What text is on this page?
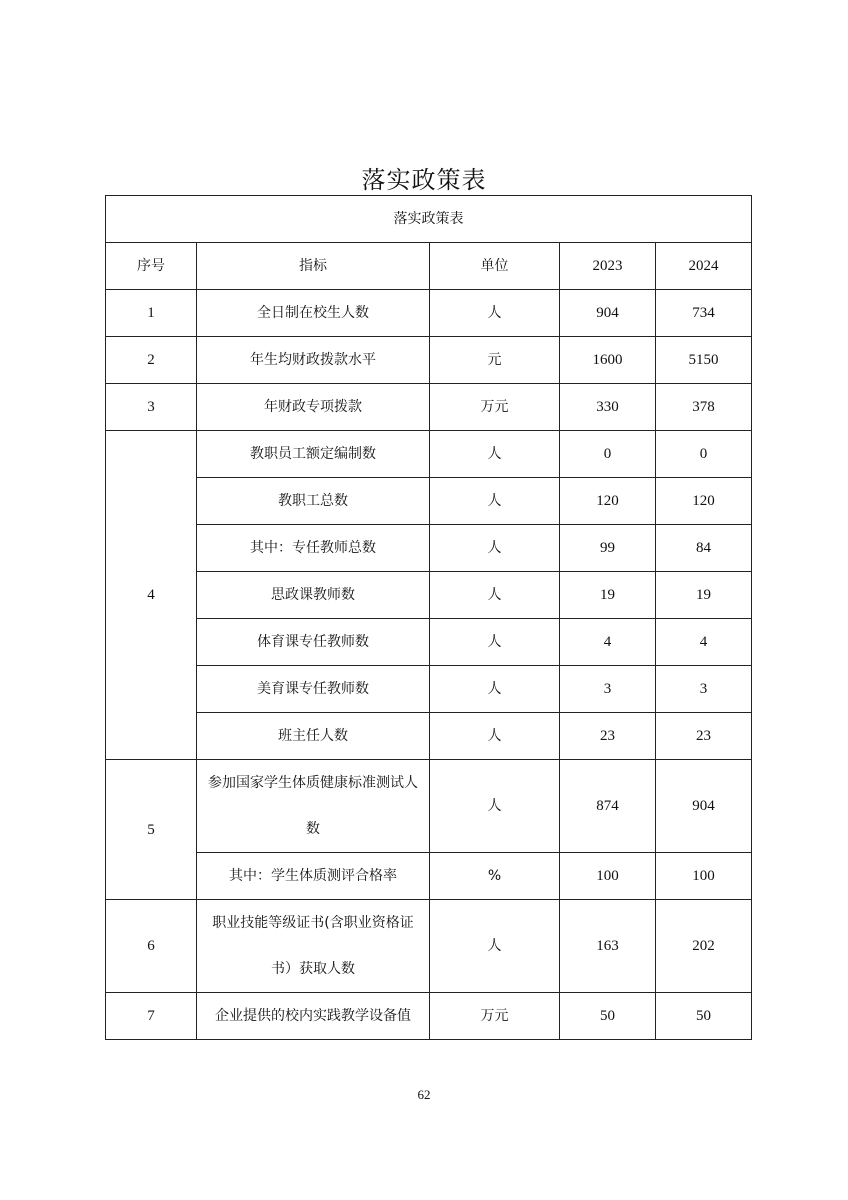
落实政策表
落实政策表				
序号	指标	单位	2023	2024
1	全日制在校生人数	人	904	734
2	年生均财政拨款水平	元	1600	5150
3	年财政专项拨款	万元	330	378
4	教职员工额定编制数	人	0	0
	教职工总数	人	120	120
	其中：专任教师总数	人	99	84
	思政课教师数	人	19	19
	体育课专任教师数	人	4	4
	美育课专任教师数	人	3	3
	班主任人数	人	23	23
5	参加国家学生体质健康标准测试人数	人	874	904
	其中：学生体质测评合格率	%	100	100
6	职业技能等级证书(含职业资格证书）获取人数	人	163	202
7	企业提供的校内实践教学设备值	万元	50	50
62
